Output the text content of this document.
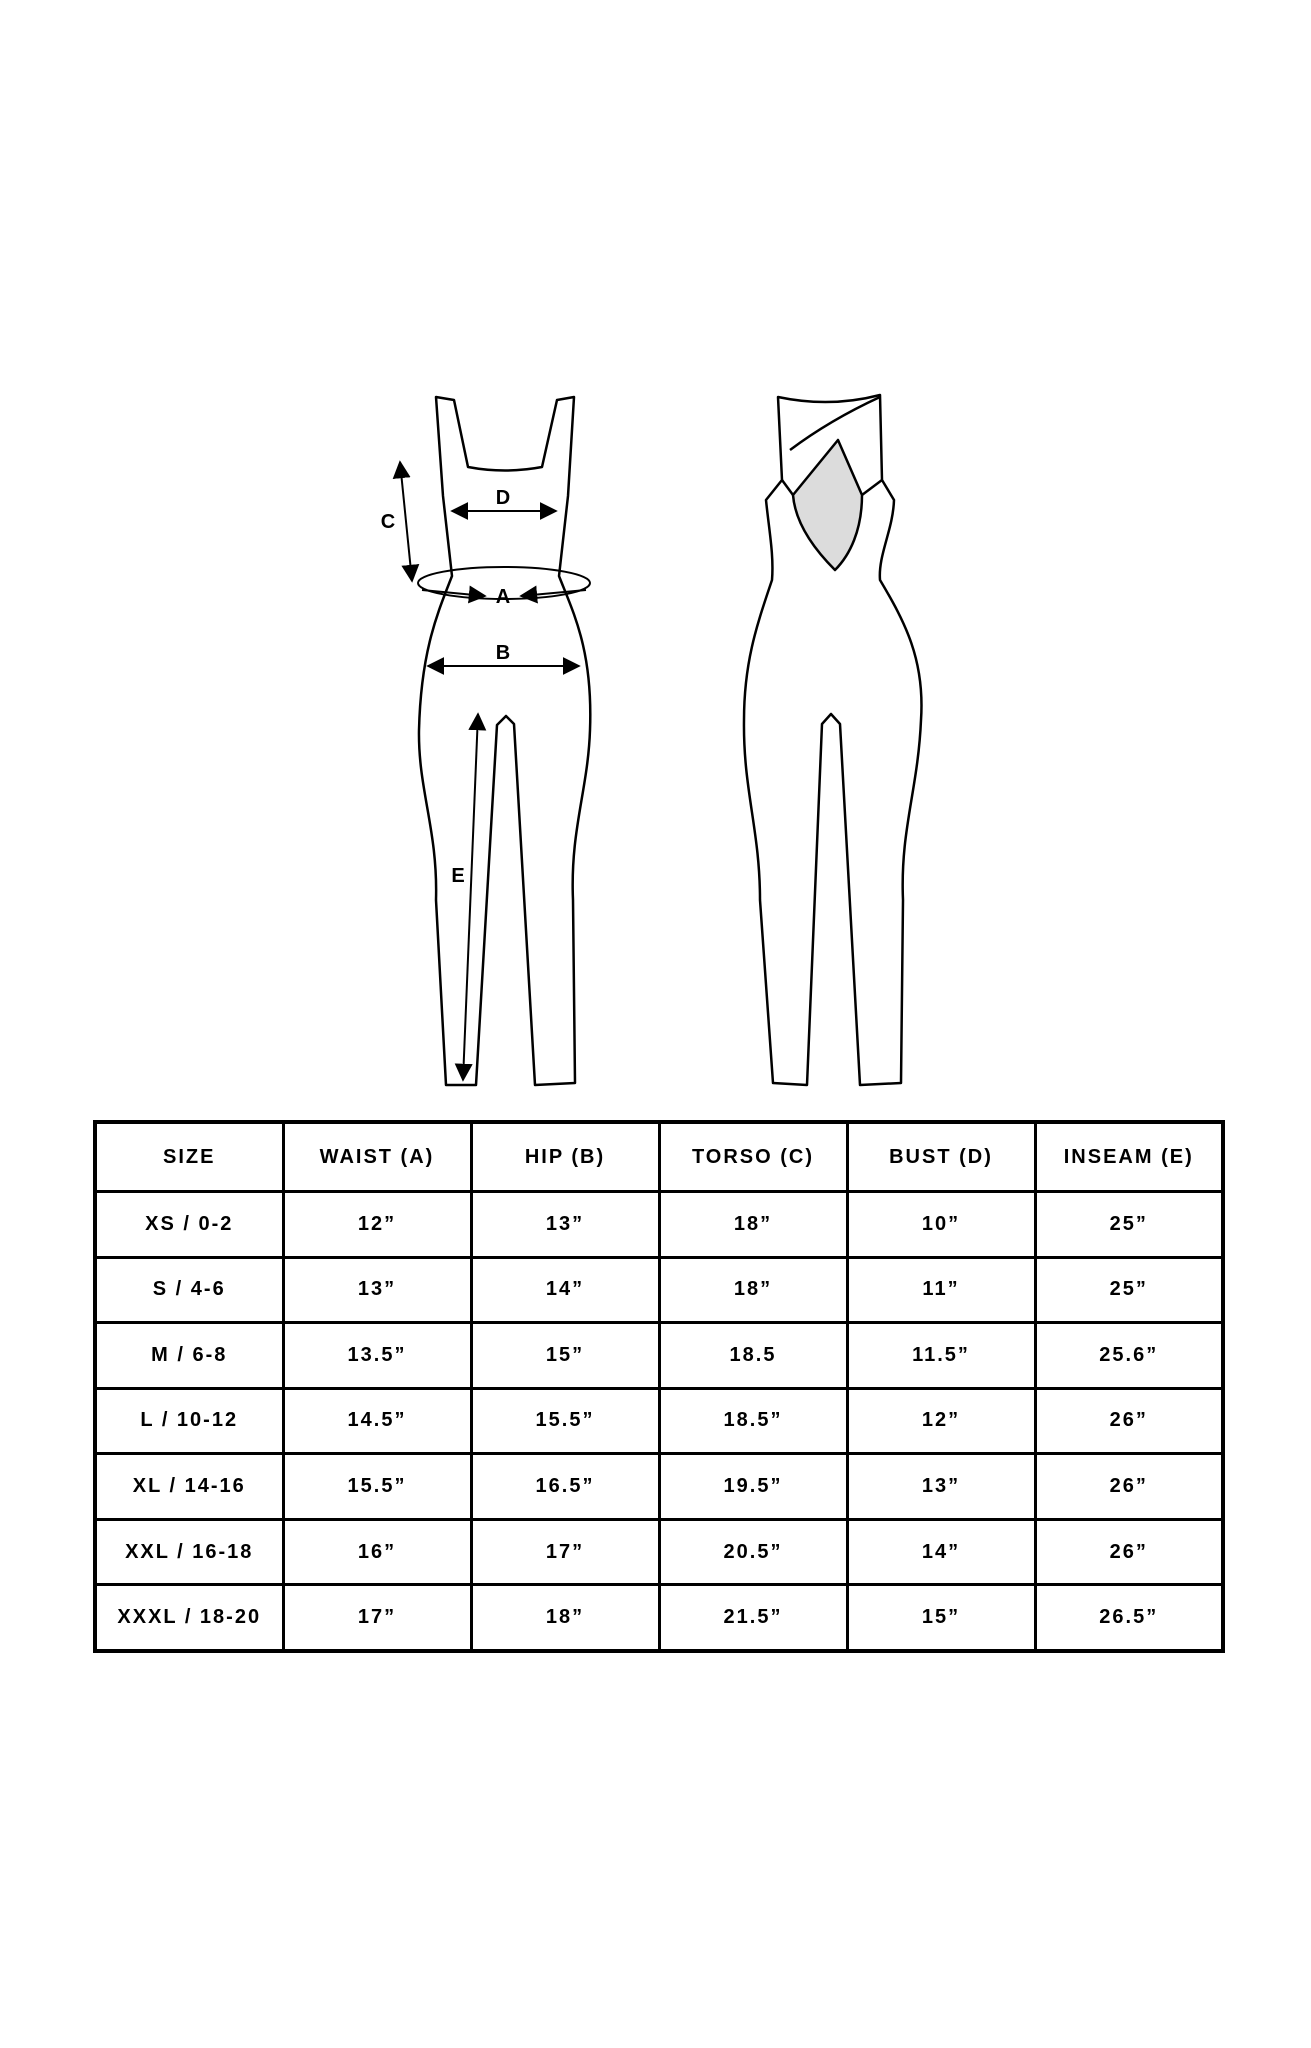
D
C
A
B
E
SIZE	WAIST (A)	HIP (B)	TORSO (C)	BUST (D)	INSEAM (E)
XS / 0-2	12”	13”	18”	10”	25”
S / 4-6	13”	14”	18”	11”	25”
M / 6-8	13.5”	15”	18.5	11.5”	25.6”
L / 10-12	14.5”	15.5”	18.5”	12”	26”
XL / 14-16	15.5”	16.5”	19.5”	13”	26”
XXL / 16-18	16”	17”	20.5”	14”	26”
XXXL / 18-20	17”	18”	21.5”	15”	26.5”
